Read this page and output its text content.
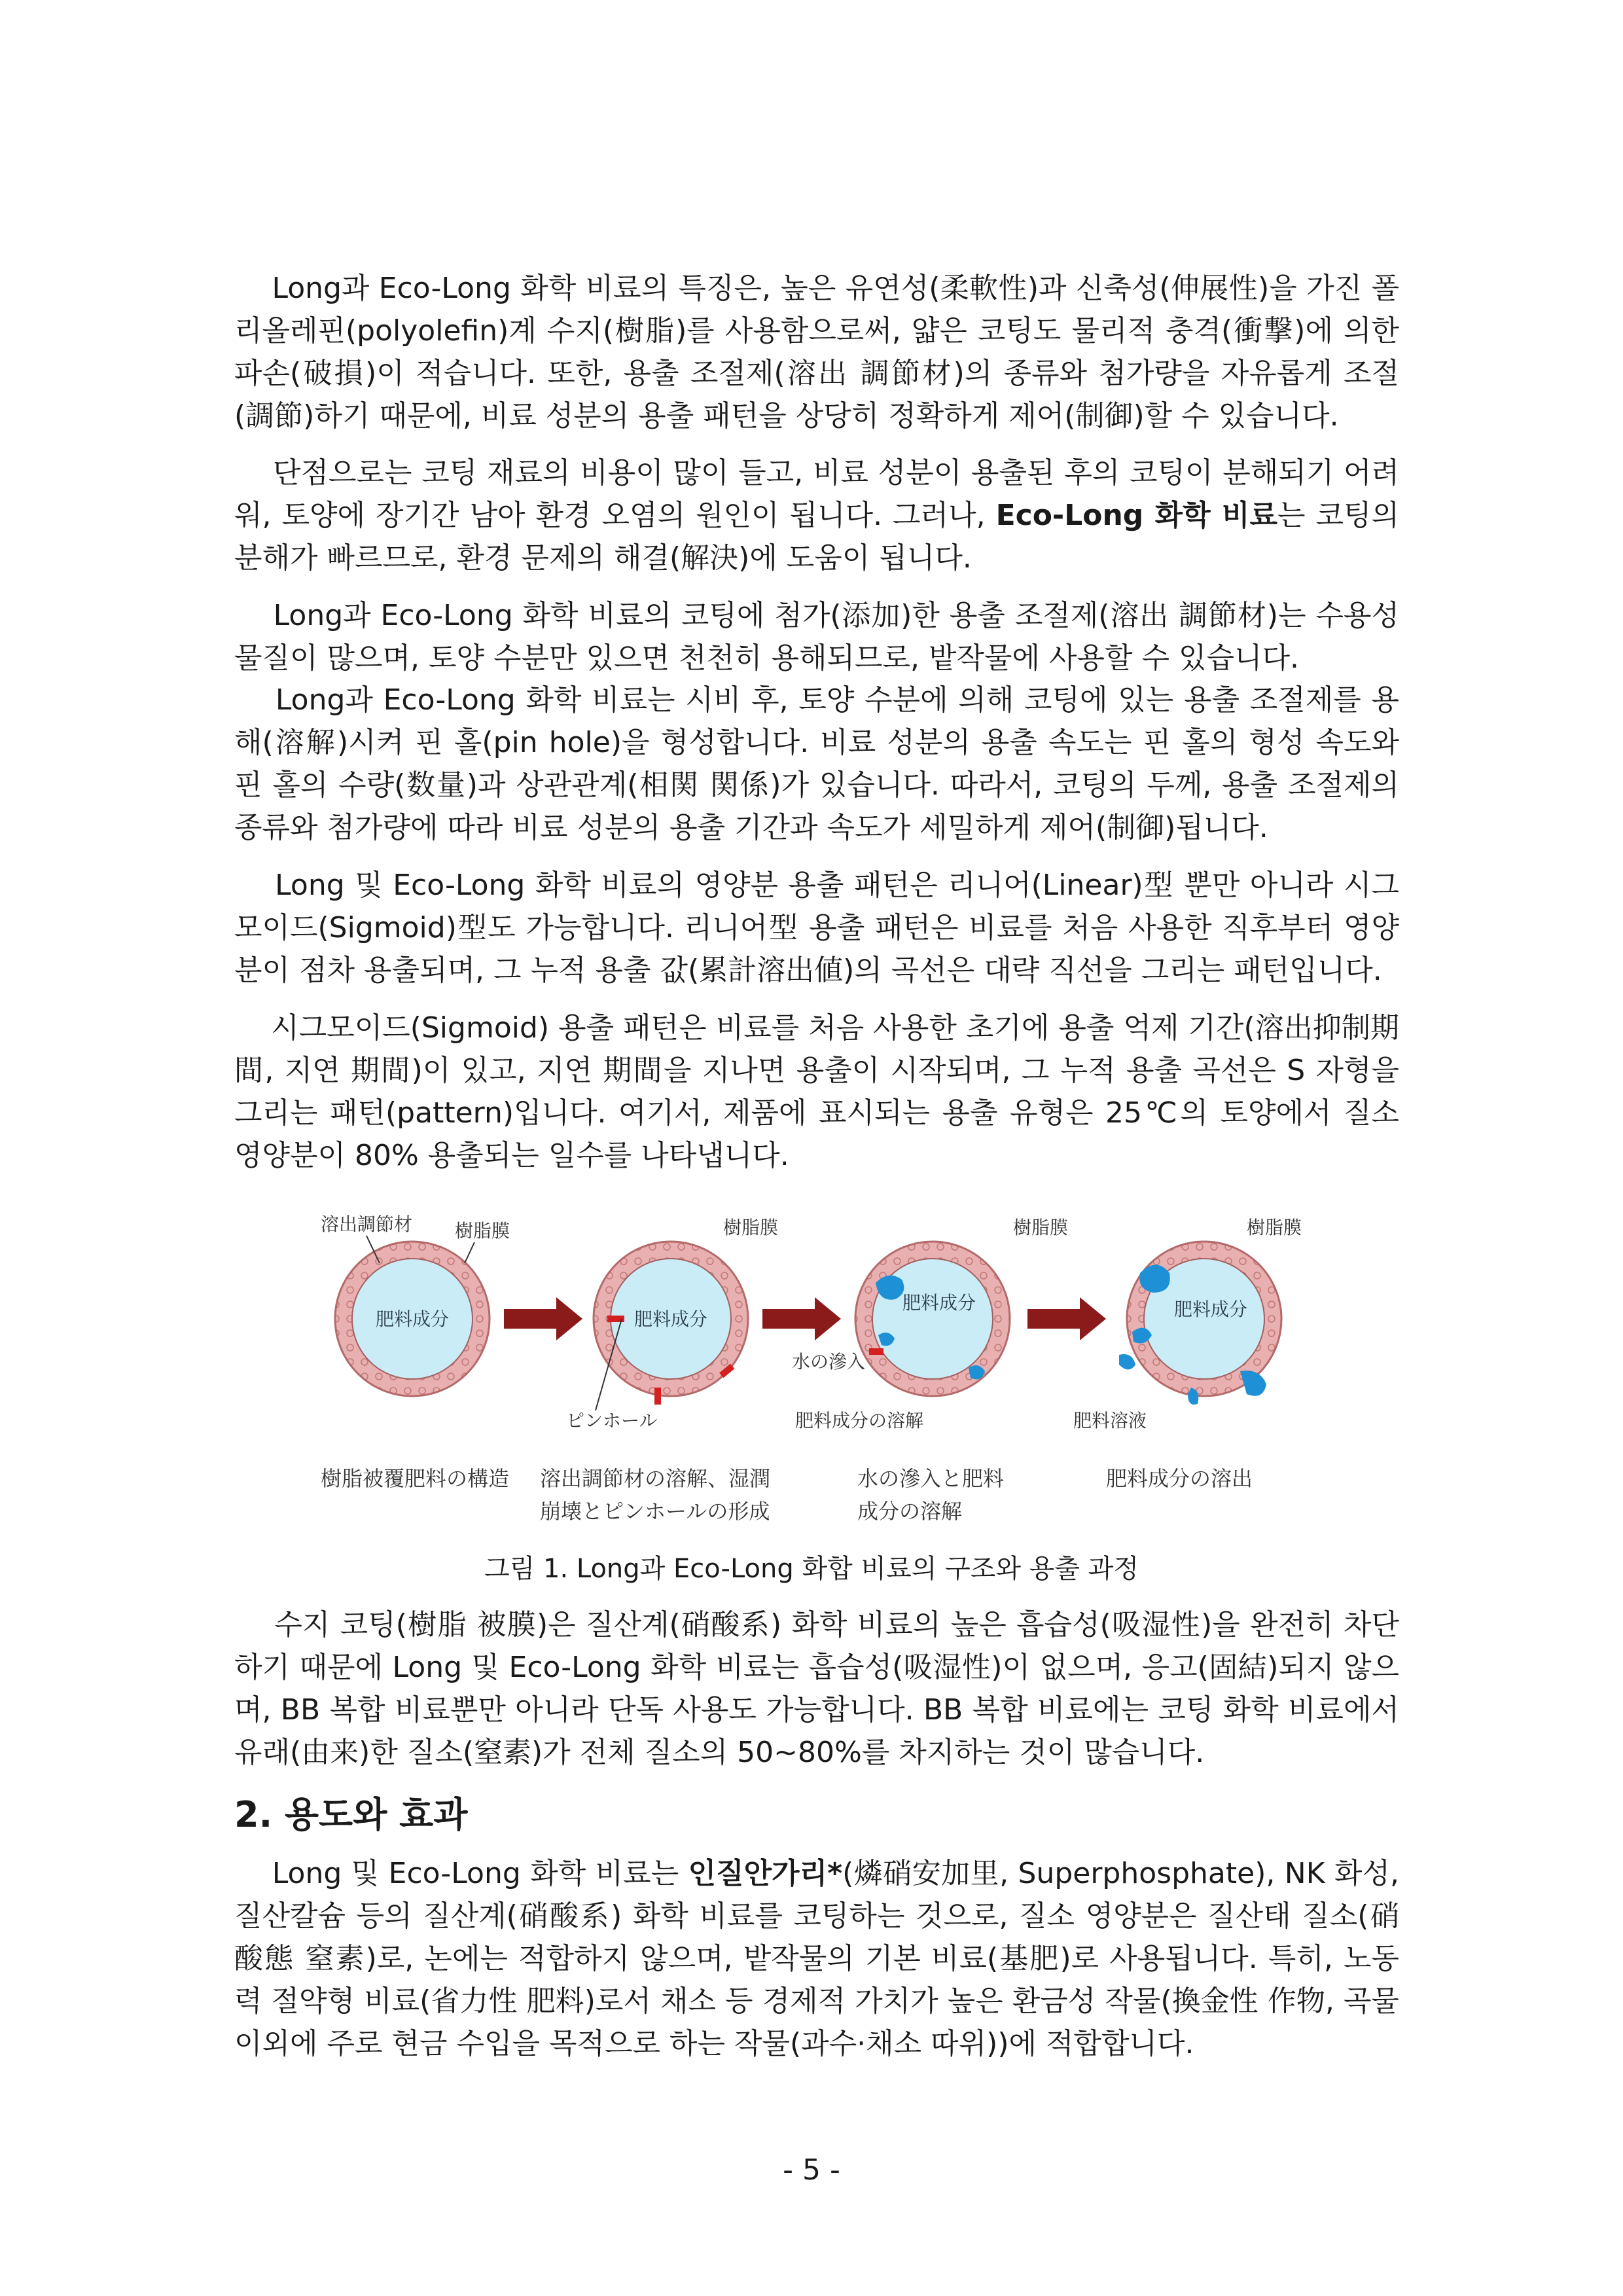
Long과 Eco-Long 화학 비료의 특징은, 높은 유연성(柔軟性)과 신축성(伸展性)을 가진 폴리올레핀(polyolefin)계 수지(樹脂)를 사용함으로써, 얇은 코팅도 물리적 충격(衝撃)에 의한 파손(破損)이 적습니다. 또한, 용출 조절제(溶出 調節材)의 종류와 첨가량을 자유롭게 조절(調節)하기 때문에, 비료 성분의 용출 패턴을 상당히 정확하게 제어(制御)할 수 있습니다.

단점으로는 코팅 재료의 비용이 많이 들고, 비료 성분이 용출된 후의 코팅이 분해되기 어려워, 토양에 장기간 남아 환경 오염의 원인이 됩니다. 그러나, Eco-Long 화학 비료는 코팅의 분해가 빠르므로, 환경 문제의 해결(解決)에 도움이 됩니다.

Long과 Eco-Long 화학 비료의 코팅에 첨가(添加)한 용출 조절제(溶出 調節材)는 수용성 물질이 많으며, 토양 수분만 있으면 천천히 용해되므로, 밭작물에 사용할 수 있습니다.

Long과 Eco-Long 화학 비료는 시비 후, 토양 수분에 의해 코팅에 있는 용출 조절제를 용해(溶解)시켜 핀 홀(pin hole)을 형성합니다. 비료 성분의 용출 속도는 핀 홀의 형성 속도와 핀 홀의 수량(数量)과 상관관계(相関 関係)가 있습니다. 따라서, 코팅의 두께, 용출 조절제의 종류와 첨가량에 따라 비료 성분의 용출 기간과 속도가 세밀하게 제어(制御)됩니다.

Long 및 Eco-Long 화학 비료의 영양분 용출 패턴은 리니어(Linear)型 뿐만 아니라 시그모이드(Sigmoid)型도 가능합니다. 리니어型 용출 패턴은 비료를 처음 사용한 직후부터 영양분이 점차 용출되며, 그 누적 용출 값(累計溶出値)의 곡선은 대략 직선을 그리는 패턴입니다.

시그모이드(Sigmoid) 용출 패턴은 비료를 처음 사용한 초기에 용출 억제 기간(溶出抑制期間, 지연 期間)이 있고, 지연 期間을 지나면 용출이 시작되며, 그 누적 용출 곡선은 S 자형을 그리는 패턴(pattern)입니다. 여기서, 제품에 표시되는 용출 유형은 25℃의 토양에서 질소 영양분이 80% 용출되는 일수를 나타냅니다.

肥料成分
溶出調節材 樹脂膜
肥料成分
樹脂膜
ピンホール
肥料成分
樹脂膜
水の滲入
肥料成分の溶解
肥料成分
樹脂膜
肥料溶液
樹脂被覆肥料の構造 溶出調節材の溶解、湿潤
崩壊とピンホールの形成
水の滲入と肥料
成分の溶解
肥料成分の溶出

그림 1. Long과 Eco-Long 화합 비료의 구조와 용출 과정

수지 코팅(樹脂 被膜)은 질산계(硝酸系) 화학 비료의 높은 흡습성(吸湿性)을 완전히 차단하기 때문에 Long 및 Eco-Long 화학 비료는 흡습성(吸湿性)이 없으며, 응고(固結)되지 않으며, BB 복합 비료뿐만 아니라 단독 사용도 가능합니다. BB 복합 비료에는 코팅 화학 비료에서 유래(由来)한 질소(窒素)가 전체 질소의 50~80%를 차지하는 것이 많습니다.

2. 용도와 효과

Long 및 Eco-Long 화학 비료는 인질안가리*(燐硝安加里, Superphosphate), NK 화성, 질산칼슘 등의 질산계(硝酸系) 화학 비료를 코팅하는 것으로, 질소 영양분은 질산태 질소(硝酸態 窒素)로, 논에는 적합하지 않으며, 밭작물의 기본 비료(基肥)로 사용됩니다. 특히, 노동력 절약형 비료(省力性 肥料)로서 채소 등 경제적 가치가 높은 환금성 작물(換金性 作物, 곡물 이외에 주로 현금 수입을 목적으로 하는 작물(과수·채소 따위))에 적합합니다.

- 5 -
